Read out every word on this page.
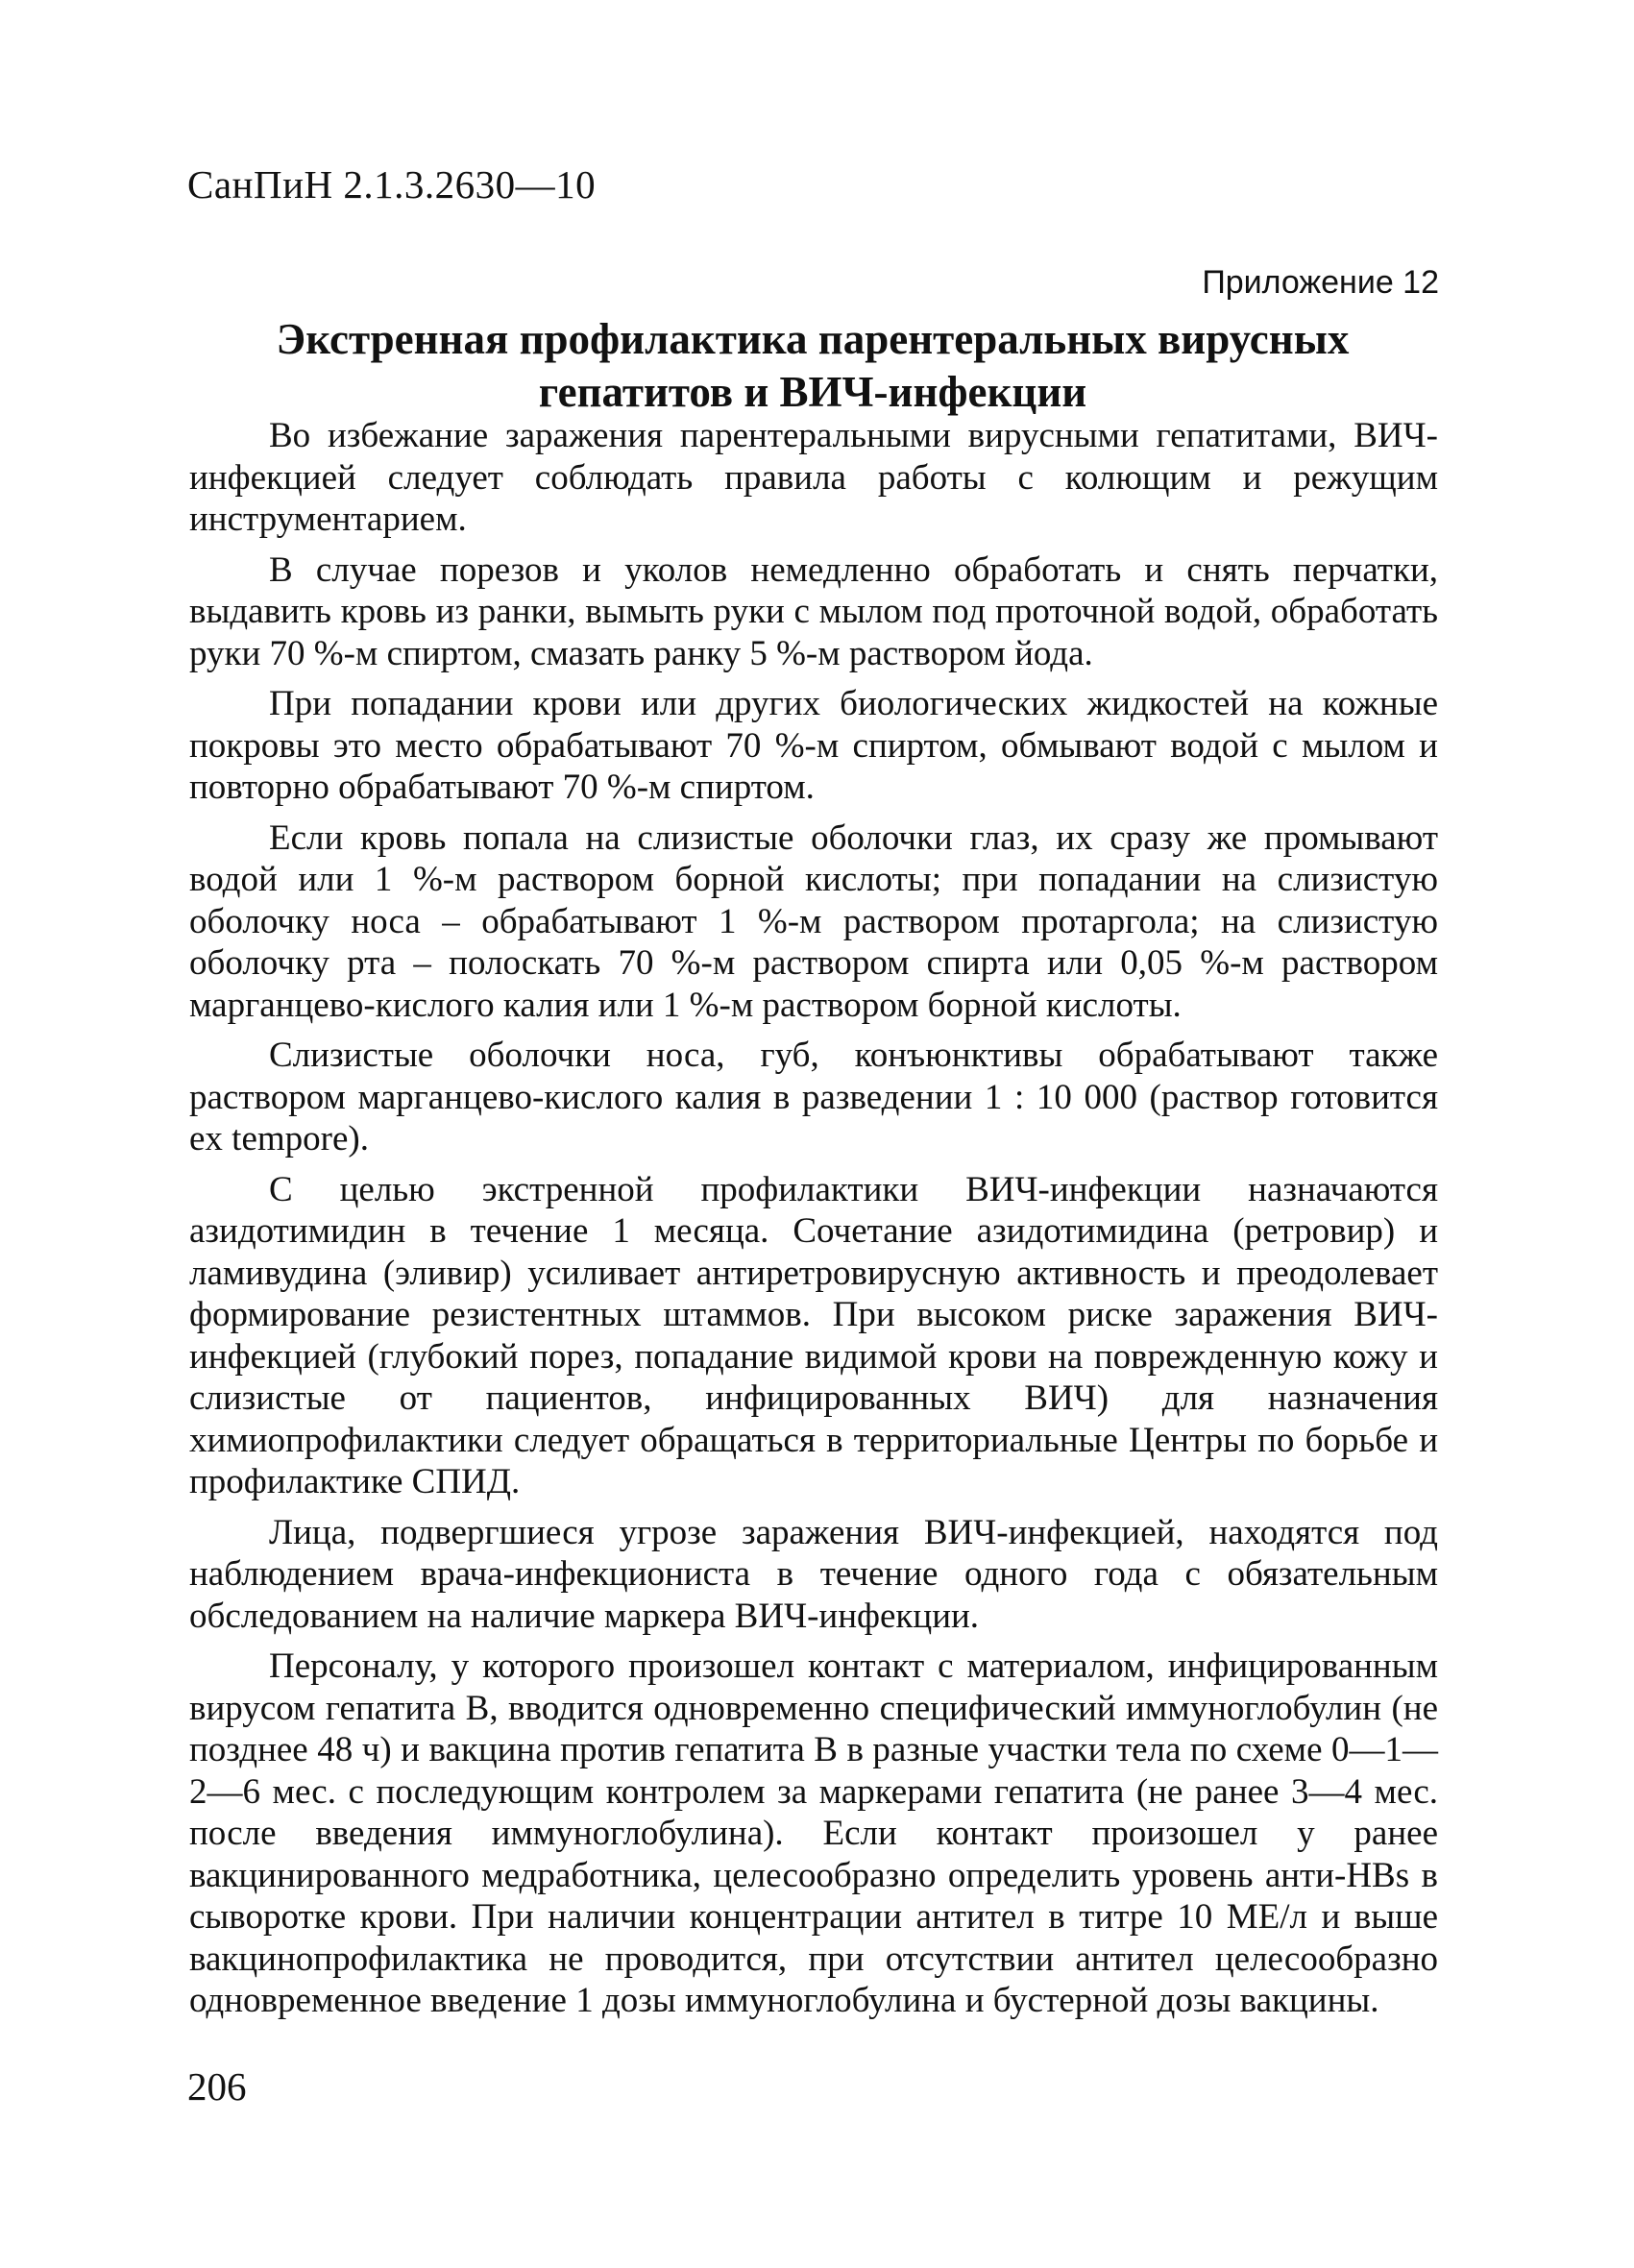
СанПиН 2.1.3.2630—10
Приложение 12
Экстренная профилактика парентеральных вирусных
гепатитов и ВИЧ-инфекции

Во избежание заражения парентеральными вирусными гепатитами, ВИЧ-инфекцией следует соблюдать правила работы с колющим и режущим инструментарием.

В случае порезов и уколов немедленно обработать и снять перчатки, выдавить кровь из ранки, вымыть руки с мылом под проточной водой, обработать руки 70 %-м спиртом, смазать ранку 5 %-м раствором йода.

При попадании крови или других биологических жидкостей на кожные покровы это место обрабатывают 70 %-м спиртом, обмывают водой с мылом и повторно обрабатывают 70 %-м спиртом.

Если кровь попала на слизистые оболочки глаз, их сразу же промывают водой или 1 %-м раствором борной кислоты; при попадании на слизистую оболочку носа – обрабатывают 1 %-м раствором протаргола; на слизистую оболочку рта – полоскать 70 %-м раствором спирта или 0,05 %-м раствором марганцево-кислого калия или 1 %-м раствором борной кислоты.

Слизистые оболочки носа, губ, конъюнктивы обрабатывают также раствором марганцево-кислого калия в разведении 1 : 10 000 (раствор готовится ex tempore).

С целью экстренной профилактики ВИЧ-инфекции назначаются азидотимидин в течение 1 месяца. Сочетание азидотимидина (ретровир) и ламивудина (эливир) усиливает антиретровирусную активность и преодолевает формирование резистентных штаммов. При высоком риске заражения ВИЧ-инфекцией (глубокий порез, попадание видимой крови на поврежденную кожу и слизистые от пациентов, инфицированных ВИЧ) для назначения химиопрофилактики следует обращаться в территориальные Центры по борьбе и профилактике СПИД.

Лица, подвергшиеся угрозе заражения ВИЧ-инфекцией, находятся под наблюдением врача-инфекциониста в течение одного года с обязательным обследованием на наличие маркера ВИЧ-инфекции.

Персоналу, у которого произошел контакт с материалом, инфицированным вирусом гепатита В, вводится одновременно специфический иммуноглобулин (не позднее 48 ч) и вакцина против гепатита В в разные участки тела по схеме 0—1—2—6 мес. с последующим контролем за маркерами гепатита (не ранее 3—4 мес. после введения иммуноглобулина). Если контакт произошел у ранее вакцинированного медработника, целесообразно определить уровень анти-HBs в сыворотке крови. При наличии концентрации антител в титре 10 МЕ/л и выше вакцинопрофилактика не проводится, при отсутствии антител целесообразно одновременное введение 1 дозы иммуноглобулина и бустерной дозы вакцины.

206
